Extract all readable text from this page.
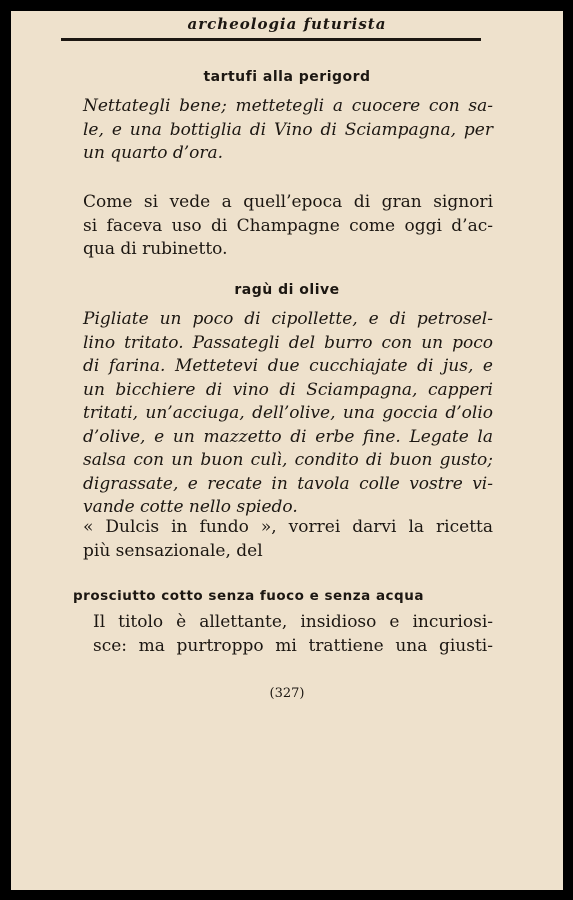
archeologia futurista
tartufi alla perigord
Nettategli bene; mettetegli a cuocere con sa-
le, e una bottiglia di Vino di Sciampagna, per
un quarto d’ora.
Come si vede a quell’epoca di gran signori
si faceva uso di Champagne come oggi d’ac-
qua di rubinetto.
ragù di olive
Pigliate un poco di cipollette, e di petrosel-
lino tritato. Passategli del burro con un poco
di farina. Mettetevi due cucchiajate di jus, e
un bicchiere di vino di Sciampagna, capperi
tritati, un’acciuga, dell’olive, una goccia d’olio
d’olive, e un mazzetto di erbe fine. Legate la
salsa con un buon culì, condito di buon gusto;
digrassate, e recate in tavola colle vostre vi-
vande cotte nello spiedo.
« Dulcis in fundo », vorrei darvi la ricetta
più sensazionale, del
prosciutto cotto senza fuoco e senza acqua
Il titolo è allettante, insidioso e incuriosi-
sce: ma purtroppo mi trattiene una giusti-
(327)
